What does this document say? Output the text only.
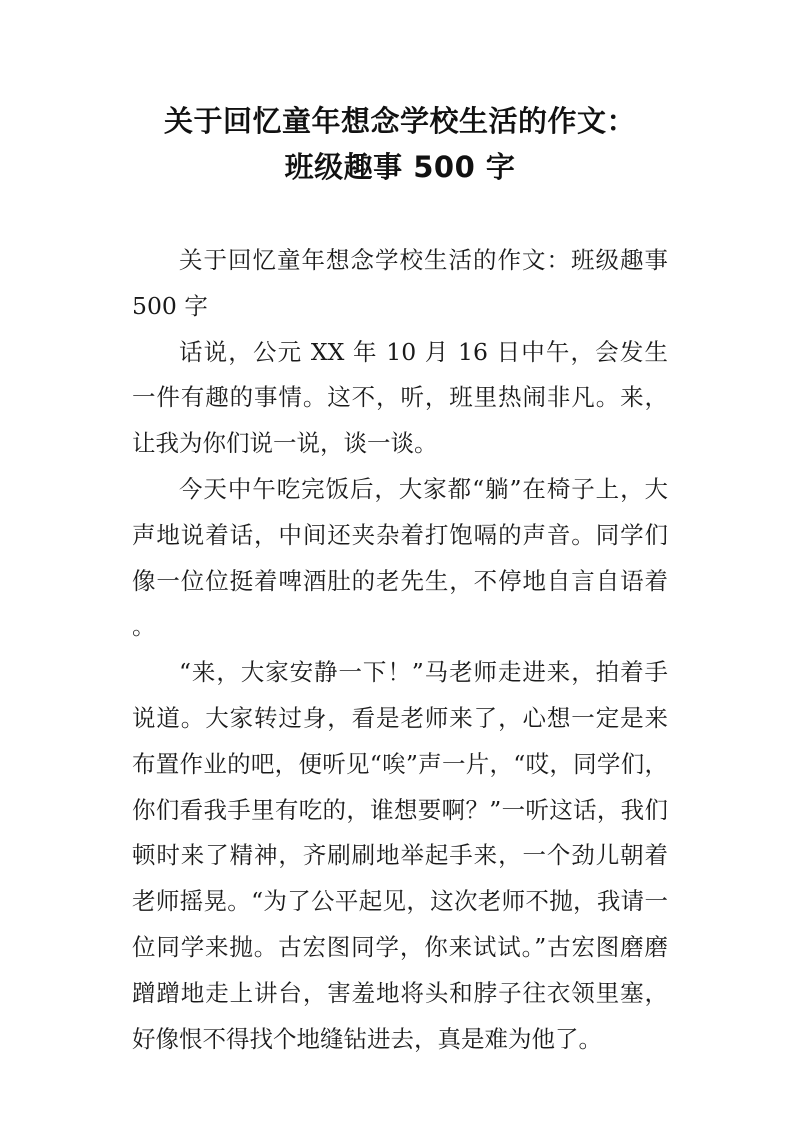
关于回忆童年想念学校生活的作文：
班级趣事 500 字

关于回忆童年想念学校生活的作文：班级趣事 500 字

话说，公元 XX 年 10 月 16 日中午，会发生一件有趣的事情。这不，听，班里热闹非凡。来，让我为你们说一说，谈一谈。

今天中午吃完饭后，大家都“躺”在椅子上，大声地说着话，中间还夹杂着打饱嗝的声音。同学们像一位位挺着啤酒肚的老先生，不停地自言自语着。

“来，大家安静一下！”马老师走进来，拍着手说道。大家转过身，看是老师来了，心想一定是来布置作业的吧，便听见“唉”声一片，“哎，同学们，你们看我手里有吃的，谁想要啊？”一听这话，我们顿时来了精神，齐刷刷地举起手来，一个劲儿朝着老师摇晃。“为了公平起见，这次老师不抛，我请一位同学来抛。古宏图同学，你来试试。”古宏图磨磨蹭蹭地走上讲台，害羞地将头和脖子往衣领里塞，好像恨不得找个地缝钻进去，真是难为他了。
